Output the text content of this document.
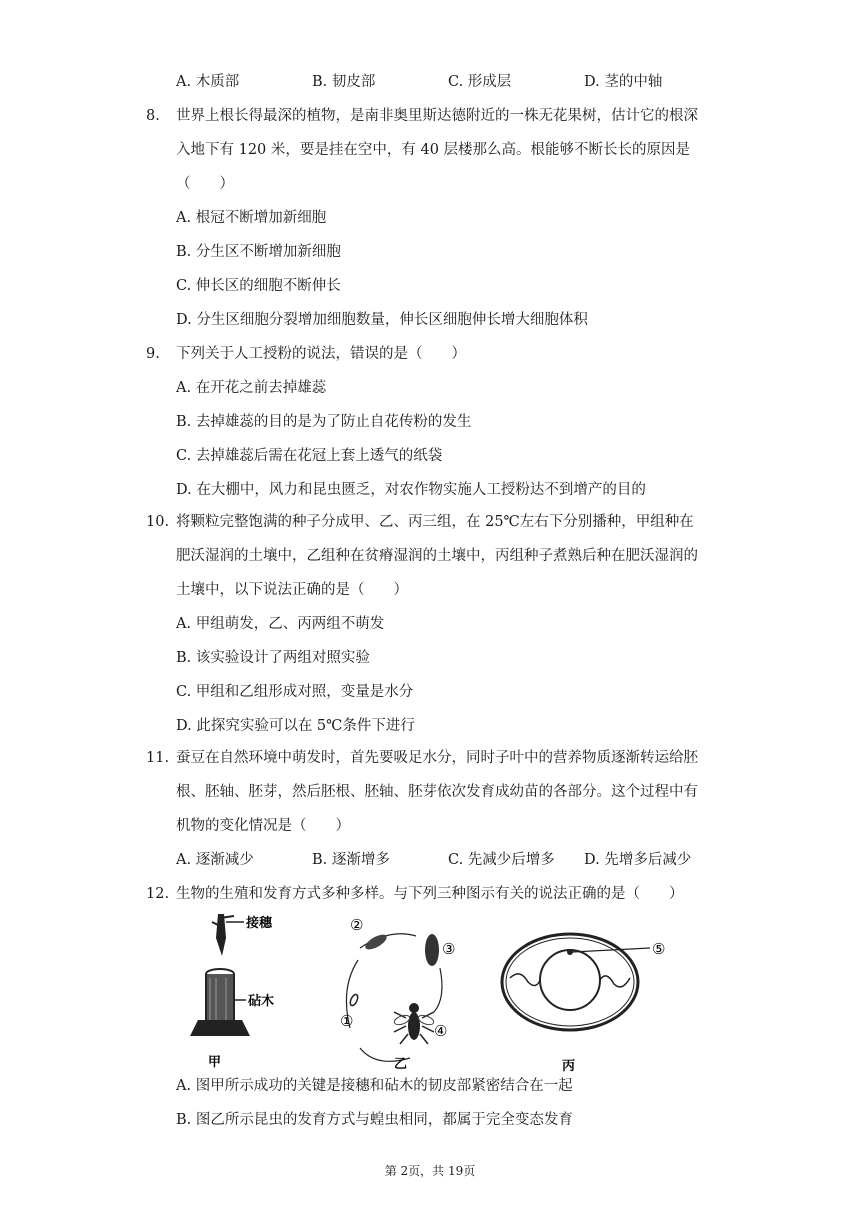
A. 木质部	B. 韧皮部	C. 形成层	D. 茎的中轴
8. 世界上根长得最深的植物，是南非奥里斯达德附近的一株无花果树，估计它的根深
入地下有 120 米，要是挂在空中，有 40 层楼那么高。根能够不断长长的原因是
（　　）
A. 根冠不断增加新细胞
B. 分生区不断增加新细胞
C. 伸长区的细胞不断伸长
D. 分生区细胞分裂增加细胞数量，伸长区细胞伸长增大细胞体积
9. 下列关于人工授粉的说法，错误的是（　　）
A. 在开花之前去掉雄蕊
B. 去掉雄蕊的目的是为了防止自花传粉的发生
C. 去掉雄蕊后需在花冠上套上透气的纸袋
D. 在大棚中，风力和昆虫匮乏，对农作物实施人工授粉达不到增产的目的
10. 将颗粒完整饱满的种子分成甲、乙、丙三组，在 25℃左右下分别播种，甲组种在
肥沃湿润的土壤中，乙组种在贫瘠湿润的土壤中，丙组种子煮熟后种在肥沃湿润的
土壤中，以下说法正确的是（　　）
A. 甲组萌发，乙、丙两组不萌发
B. 该实验设计了两组对照实验
C. 甲组和乙组形成对照，变量是水分
D. 此探究实验可以在 5℃条件下进行
11. 蚕豆在自然环境中萌发时，首先要吸足水分，同时子叶中的营养物质逐渐转运给胚
根、胚轴、胚芽，然后胚根、胚轴、胚芽依次发育成幼苗的各部分。这个过程中有
机物的变化情况是（　　）
A. 逐渐减少	B. 逐渐增多	C. 先减少后增多 D. 先增多后减少
12. 生物的生殖和发育方式多种多样。与下列三种图示有关的说法正确的是（　　）
接穗
砧木
甲
②
③
④
①
乙
⑤
丙
A. 图甲所示成功的关键是接穗和砧木的韧皮部紧密结合在一起
B. 图乙所示昆虫的发育方式与蝗虫相同，都属于完全变态发育
第 2页，共 19页
